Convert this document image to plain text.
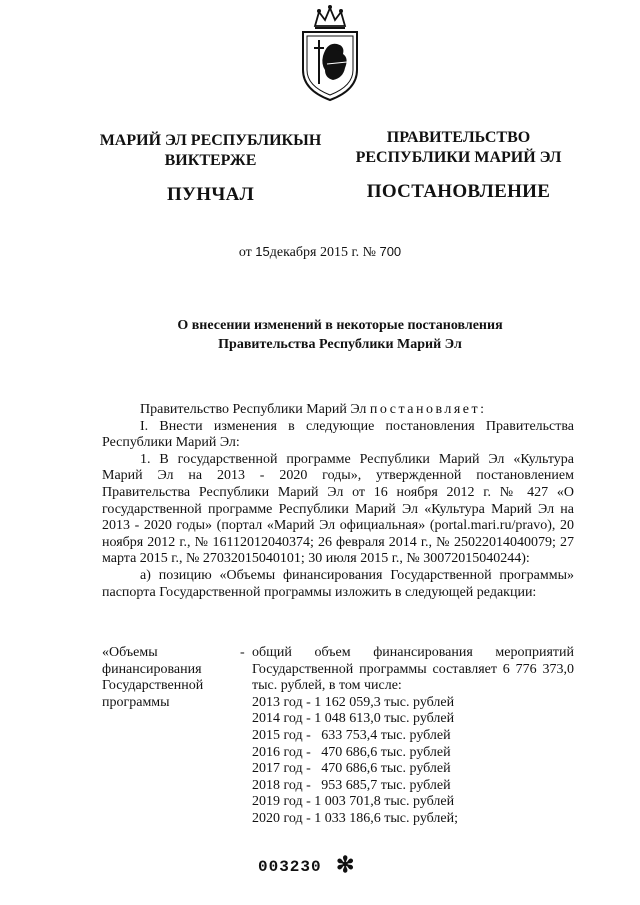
МАРИЙ ЭЛ РЕСПУБЛИКЫН
ВИКТЕРЖЕ
ПУНЧАЛ
ПРАВИТЕЛЬСТВО
РЕСПУБЛИКИ МАРИЙ ЭЛ
ПОСТАНОВЛЕНИЕ
от 15декабря 2015 г. № 700
О внесении изменений в некоторые постановления
Правительства Республики Марий Эл

Правительство Республики Марий Эл постановляет:

I. Внести изменения в следующие постановления Правительства Республики Марий Эл:

1. В государственной программе Республики Марий Эл «Культура Марий Эл на 2013 - 2020 годы», утвержденной постановлением Правительства Республики Марий Эл от 16 ноября 2012 г. № 427 «О государственной программе Республики Марий Эл «Культура Марий Эл на 2013 - 2020 годы» (портал «Марий Эл официальная» (portal.mari.ru/pravo), 20 ноября 2012 г., № 16112012040374; 26 февраля 2014 г., № 25022014040079; 27 марта 2015 г., № 27032015040101; 30 июля 2015 г., № 30072015040244):

а) позицию «Объемы финансирования Государственной программы» паспорта Государственной программы изложить в следующей редакции:

«Объемы
финансирования
Государственной
программы
- общий объем финансирования мероприятий Государственной программы составляет 6 776 373,0 тыс. рублей, в том числе:

2013 год - 1 162 059,3 тыс. рублей
2014 год - 1 048 613,0 тыс. рублей
2015 год -   633 753,4 тыс. рублей
2016 год -   470 686,6 тыс. рублей
2017 год -   470 686,6 тыс. рублей
2018 год -   953 685,7 тыс. рублей
2019 год - 1 003 701,8 тыс. рублей
2020 год - 1 033 186,6 тыс. рублей;
003230 ✻
